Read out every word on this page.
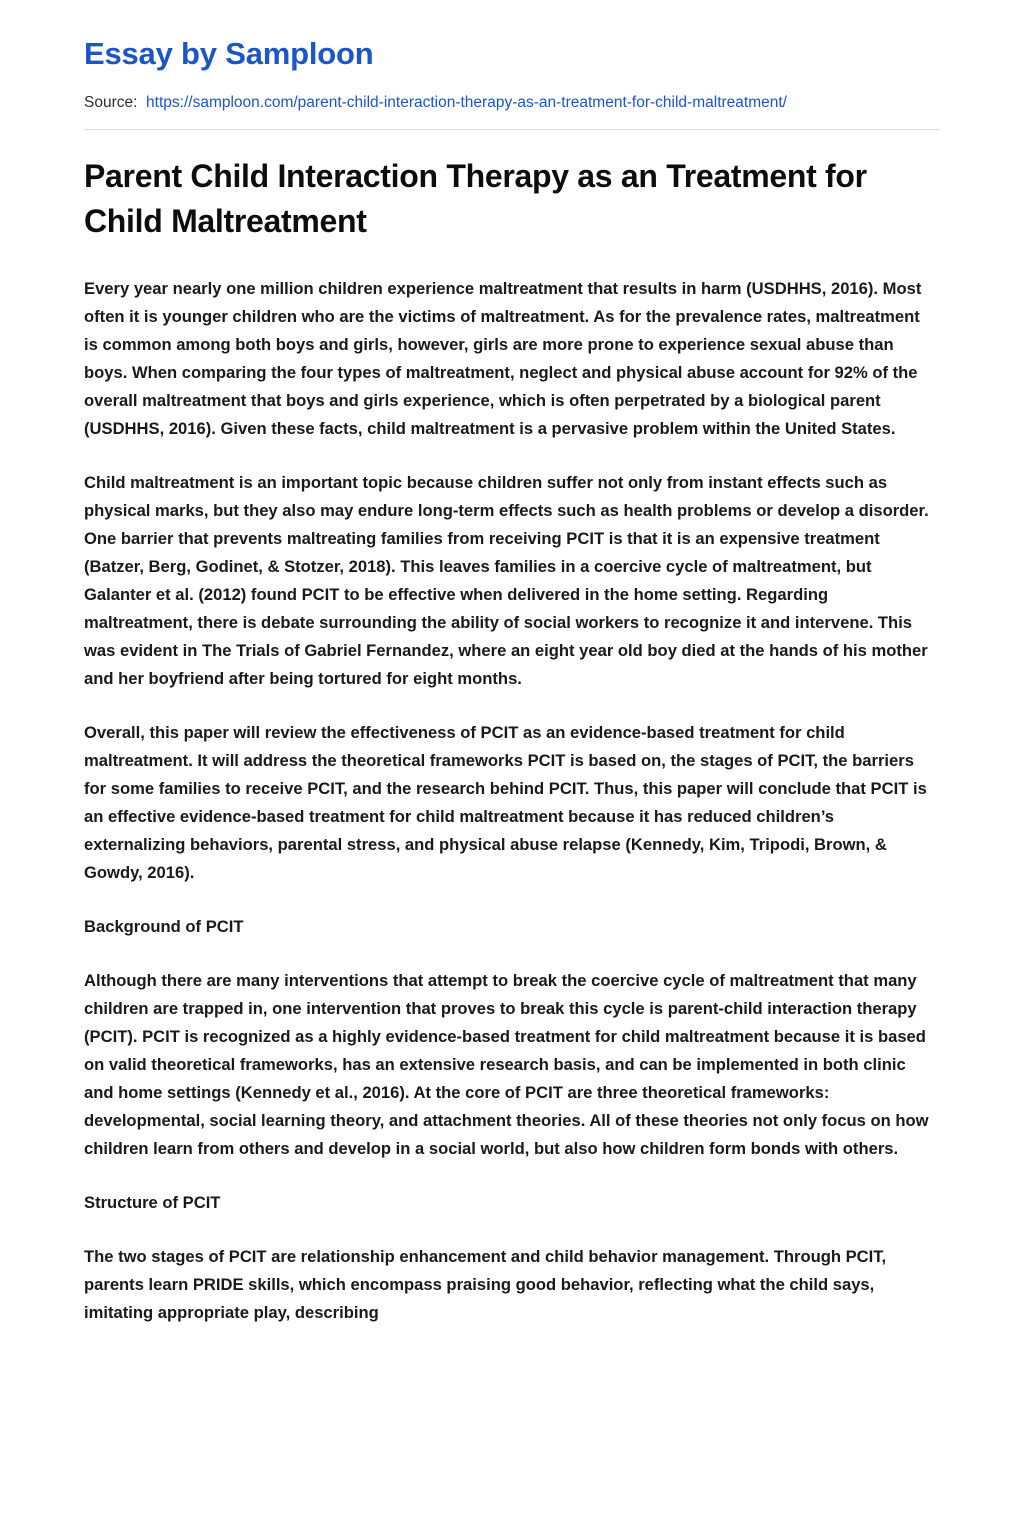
Essay by Samploon
Source: https://samploon.com/parent-child-interaction-therapy-as-an-treatment-for-child-maltreatment/
Parent Child Interaction Therapy as an Treatment for Child Maltreatment

Every year nearly one million children experience maltreatment that results in harm (USDHHS, 2016). Most often it is younger children who are the victims of maltreatment. As for the prevalence rates, maltreatment is common among both boys and girls, however, girls are more prone to experience sexual abuse than boys. When comparing the four types of maltreatment, neglect and physical abuse account for 92% of the overall maltreatment that boys and girls experience, which is often perpetrated by a biological parent (USDHHS, 2016). Given these facts, child maltreatment is a pervasive problem within the United States.

Child maltreatment is an important topic because children suffer not only from instant effects such as physical marks, but they also may endure long-term effects such as health problems or develop a disorder. One barrier that prevents maltreating families from receiving PCIT is that it is an expensive treatment (Batzer, Berg, Godinet, & Stotzer, 2018). This leaves families in a coercive cycle of maltreatment, but Galanter et al. (2012) found PCIT to be effective when delivered in the home setting. Regarding maltreatment, there is debate surrounding the ability of social workers to recognize it and intervene. This was evident in The Trials of Gabriel Fernandez, where an eight year old boy died at the hands of his mother and her boyfriend after being tortured for eight months.

Overall, this paper will review the effectiveness of PCIT as an evidence-based treatment for child maltreatment. It will address the theoretical frameworks PCIT is based on, the stages of PCIT, the barriers for some families to receive PCIT, and the research behind PCIT. Thus, this paper will conclude that PCIT is an effective evidence-based treatment for child maltreatment because it has reduced children’s externalizing behaviors, parental stress, and physical abuse relapse (Kennedy, Kim, Tripodi, Brown, & Gowdy, 2016).

Background of PCIT

Although there are many interventions that attempt to break the coercive cycle of maltreatment that many children are trapped in, one intervention that proves to break this cycle is parent-child interaction therapy (PCIT). PCIT is recognized as a highly evidence-based treatment for child maltreatment because it is based on valid theoretical frameworks, has an extensive research basis, and can be implemented in both clinic and home settings (Kennedy et al., 2016). At the core of PCIT are three theoretical frameworks: developmental, social learning theory, and attachment theories. All of these theories not only focus on how children learn from others and develop in a social world, but also how children form bonds with others.

Structure of PCIT

The two stages of PCIT are relationship enhancement and child behavior management. Through PCIT, parents learn PRIDE skills, which encompass praising good behavior, reflecting what the child says, imitating appropriate play, describing
